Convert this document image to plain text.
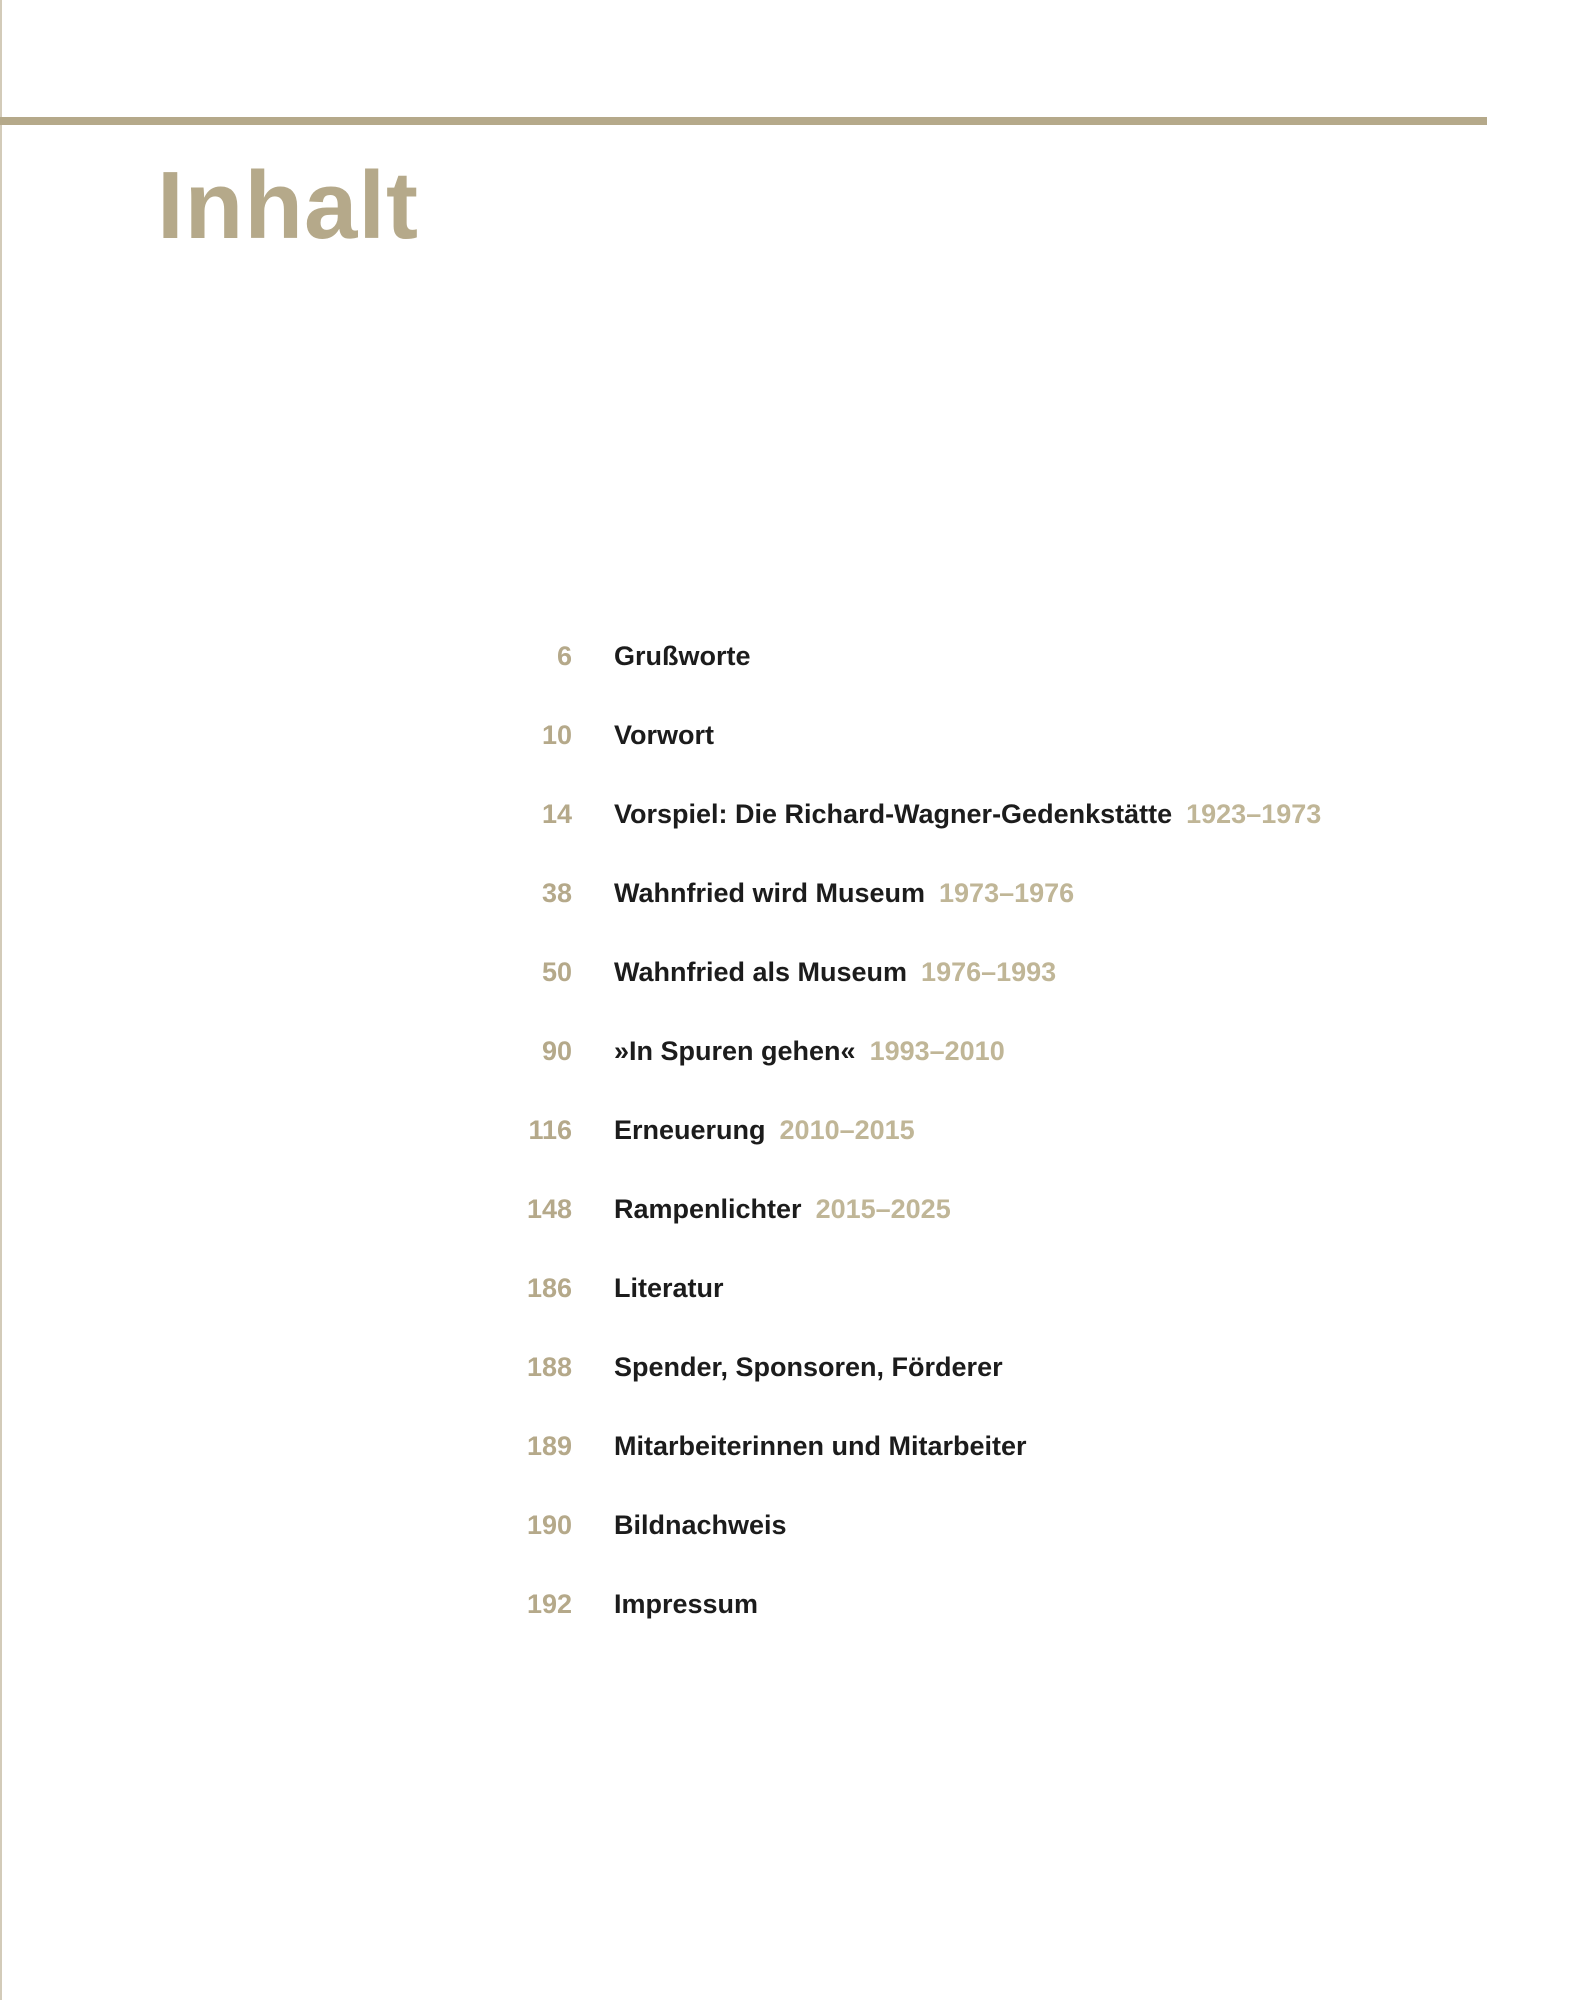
Inhalt
6 Grußworte
10 Vorwort
14 Vorspiel: Die Richard-Wagner-Gedenkstätte 1923–1973
38 Wahnfried wird Museum 1973–1976
50 Wahnfried als Museum 1976–1993
90 »In Spuren gehen« 1993–2010
116 Erneuerung 2010–2015
148 Rampenlichter 2015–2025
186 Literatur
188 Spender, Sponsoren, Förderer
189 Mitarbeiterinnen und Mitarbeiter
190 Bildnachweis
192 Impressum
